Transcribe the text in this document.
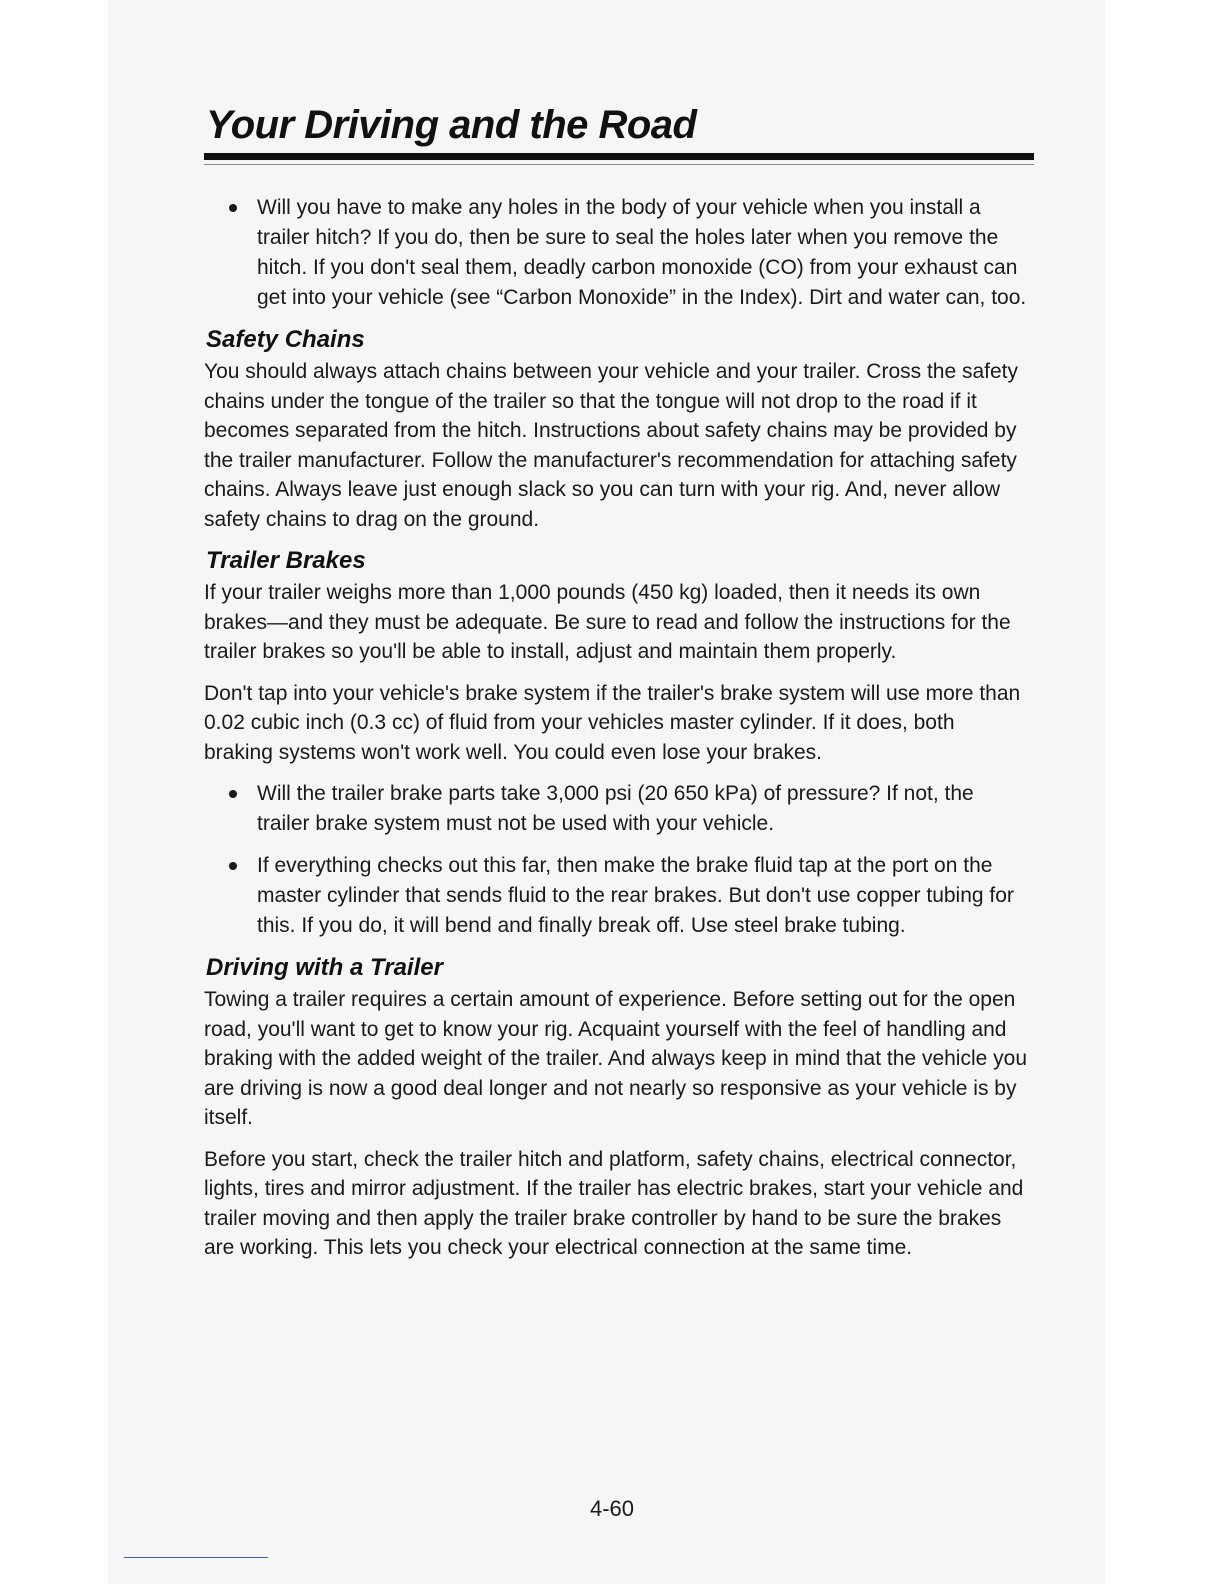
Your Driving and the Road
Will you have to make any holes in the body of your vehicle when you install a trailer hitch? If you do, then be sure to seal the holes later when you remove the hitch. If you don't seal them, deadly carbon monoxide (CO) from your exhaust can get into your vehicle (see “Carbon Monoxide” in the Index). Dirt and water can, too.
Safety Chains

You should always attach chains between your vehicle and your trailer. Cross the safety chains under the tongue of the trailer so that the tongue will not drop to the road if it becomes separated from the hitch. Instructions about safety chains may be provided by the trailer manufacturer. Follow the manufacturer's recommendation for attaching safety chains. Always leave just enough slack so you can turn with your rig. And, never allow safety chains to drag on the ground.

Trailer Brakes

If your trailer weighs more than 1,000 pounds (450 kg) loaded, then it needs its own brakes—and they must be adequate. Be sure to read and follow the instructions for the trailer brakes so you'll be able to install, adjust and maintain them properly.

Don't tap into your vehicle's brake system if the trailer's brake system will use more than 0.02 cubic inch (0.3 cc) of fluid from your vehicles master cylinder. If it does, both braking systems won't work well. You could even lose your brakes.

Will the trailer brake parts take 3,000 psi (20 650 kPa) of pressure? If not, the trailer brake system must not be used with your vehicle.
If everything checks out this far, then make the brake fluid tap at the port on the master cylinder that sends fluid to the rear brakes. But don't use copper tubing for this. If you do, it will bend and finally break off. Use steel brake tubing.
Driving with a Trailer

Towing a trailer requires a certain amount of experience. Before setting out for the open road, you'll want to get to know your rig. Acquaint yourself with the feel of handling and braking with the added weight of the trailer. And always keep in mind that the vehicle you are driving is now a good deal longer and not nearly so responsive as your vehicle is by itself.

Before you start, check the trailer hitch and platform, safety chains, electrical connector, lights, tires and mirror adjustment. If the trailer has electric brakes, start your vehicle and trailer moving and then apply the trailer brake controller by hand to be sure the brakes are working. This lets you check your electrical connection at the same time.

4-60
